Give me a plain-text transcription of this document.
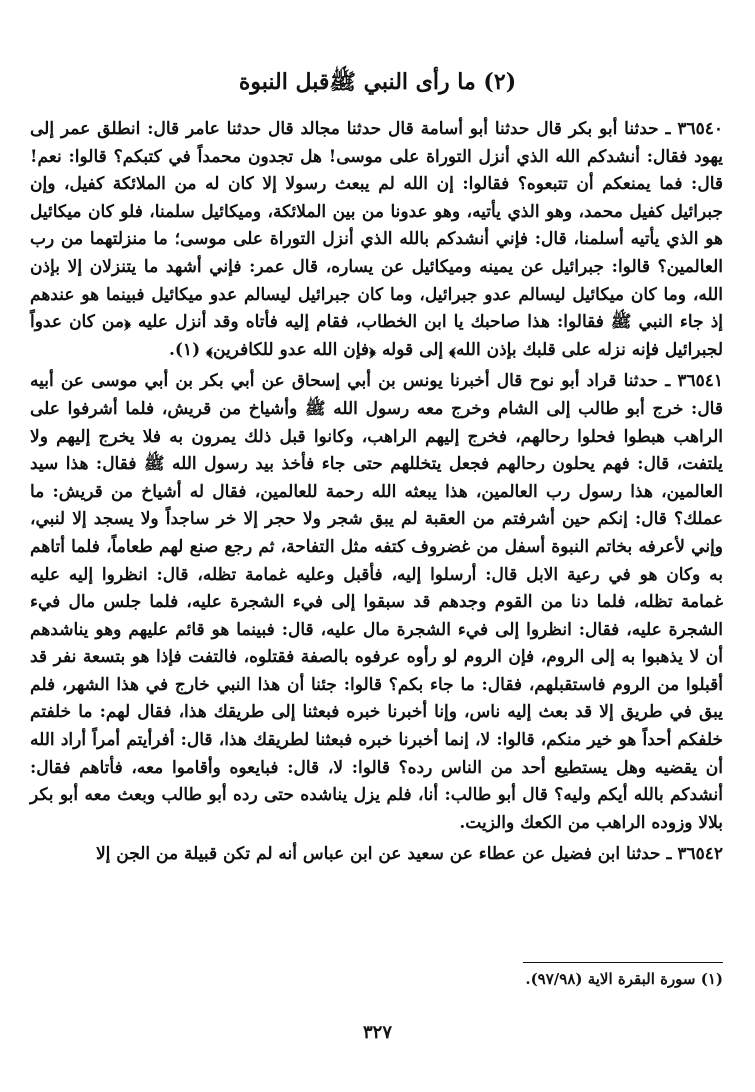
(٢) ما رأى النبي ﷺقبل النبوة

٣٦٥٤٠ ـ حدثنا أبو بكر قال حدثنا أبو أسامة قال حدثنا مجالد قال حدثنا عامر قال: انطلق عمر إلى يهود فقال: أنشدكم الله الذي أنزل التوراة على موسى! هل تجدون محمداً في كتبكم؟ قالوا: نعم! قال: فما يمنعكم أن تتبعوه؟ فقالوا: إن الله لم يبعث رسولا إلا كان له من الملائكة كفيل، وإن جبرائيل كفيل محمد، وهو الذي يأتيه، وهو عدونا من بين الملائكة، وميكائيل سلمنا، فلو كان ميكائيل هو الذي يأتيه أسلمنا، قال: فإني أنشدكم بالله الذي أنزل التوراة على موسى؛ ما منزلتهما من رب العالمين؟ قالوا: جبرائيل عن يمينه وميكائيل عن يساره، قال عمر: فإني أشهد ما يتنزلان إلا بإذن الله، وما كان ميكائيل ليسالم عدو جبرائيل، وما كان جبرائيل ليسالم عدو ميكائيل فبينما هو عندهم إذ جاء النبي ﷺ فقالوا: هذا صاحبك يا ابن الخطاب، فقام إليه فأتاه وقد أنزل عليه ﴿من كان عدواً لجبرائيل فإنه نزله على قلبك بإذن الله﴾ إلى قوله ﴿فإن الله عدو للكافرين﴾ (١).

٣٦٥٤١ ـ حدثنا قراد أبو نوح قال أخبرنا يونس بن أبي إسحاق عن أبي بكر بن أبي موسى عن أبيه قال: خرج أبو طالب إلى الشام وخرج معه رسول الله ﷺ وأشياخ من قريش، فلما أشرفوا على الراهب هبطوا فحلوا رحالهم، فخرج إليهم الراهب، وكانوا قبل ذلك يمرون به فلا يخرج إليهم ولا يلتفت، قال: فهم يحلون رحالهم فجعل يتخللهم حتى جاء فأخذ بيد رسول الله ﷺ فقال: هذا سيد العالمين، هذا رسول رب العالمين، هذا يبعثه الله رحمة للعالمين، فقال له أشياخ من قريش: ما عملك؟ قال: إنكم حين أشرفتم من العقبة لم يبق شجر ولا حجر إلا خر ساجداً ولا يسجد إلا لنبي، وإني لأعرفه بخاتم النبوة أسفل من غضروف كتفه مثل التفاحة، ثم رجع صنع لهم طعاماً، فلما أتاهم به وكان هو في رعية الابل قال: أرسلوا إليه، فأقبل وعليه غمامة تظله، قال: انظروا إليه عليه غمامة تظله، فلما دنا من القوم وجدهم قد سبقوا إلى فيء الشجرة عليه، فلما جلس مال فيء الشجرة عليه، فقال: انظروا إلى فيء الشجرة مال عليه، قال: فبينما هو قائم عليهم وهو يناشدهم أن لا يذهبوا به إلى الروم، فإن الروم لو رأوه عرفوه بالصفة فقتلوه، فالتفت فإذا هو بتسعة نفر قد أقبلوا من الروم فاستقبلهم، فقال: ما جاء بكم؟ قالوا: جئنا أن هذا النبي خارج في هذا الشهر، فلم يبق في طريق إلا قد بعث إليه ناس، وإنا أخبرنا خبره فبعثنا إلى طريقك هذا، فقال لهم: ما خلفتم خلفكم أحداً هو خير منكم، قالوا: لا، إنما أخبرنا خبره فبعثنا لطريقك هذا، قال: أفرأيتم أمراً أراد الله أن يقضيه وهل يستطيع أحد من الناس رده؟ قالوا: لا، قال: فبايعوه وأقاموا معه، فأتاهم فقال: أنشدكم بالله أيكم وليه؟ قال أبو طالب: أنا، فلم يزل يناشده حتى رده أبو طالب وبعث معه أبو بكر بلالا وزوده الراهب من الكعك والزيت.

٣٦٥٤٢ ـ حدثنا ابن فضيل عن عطاء عن سعيد عن ابن عباس أنه لم تكن قبيلة من الجن إلا

(١) سورة البقرة الاية (٩٧/٩٨).
٣٢٧
